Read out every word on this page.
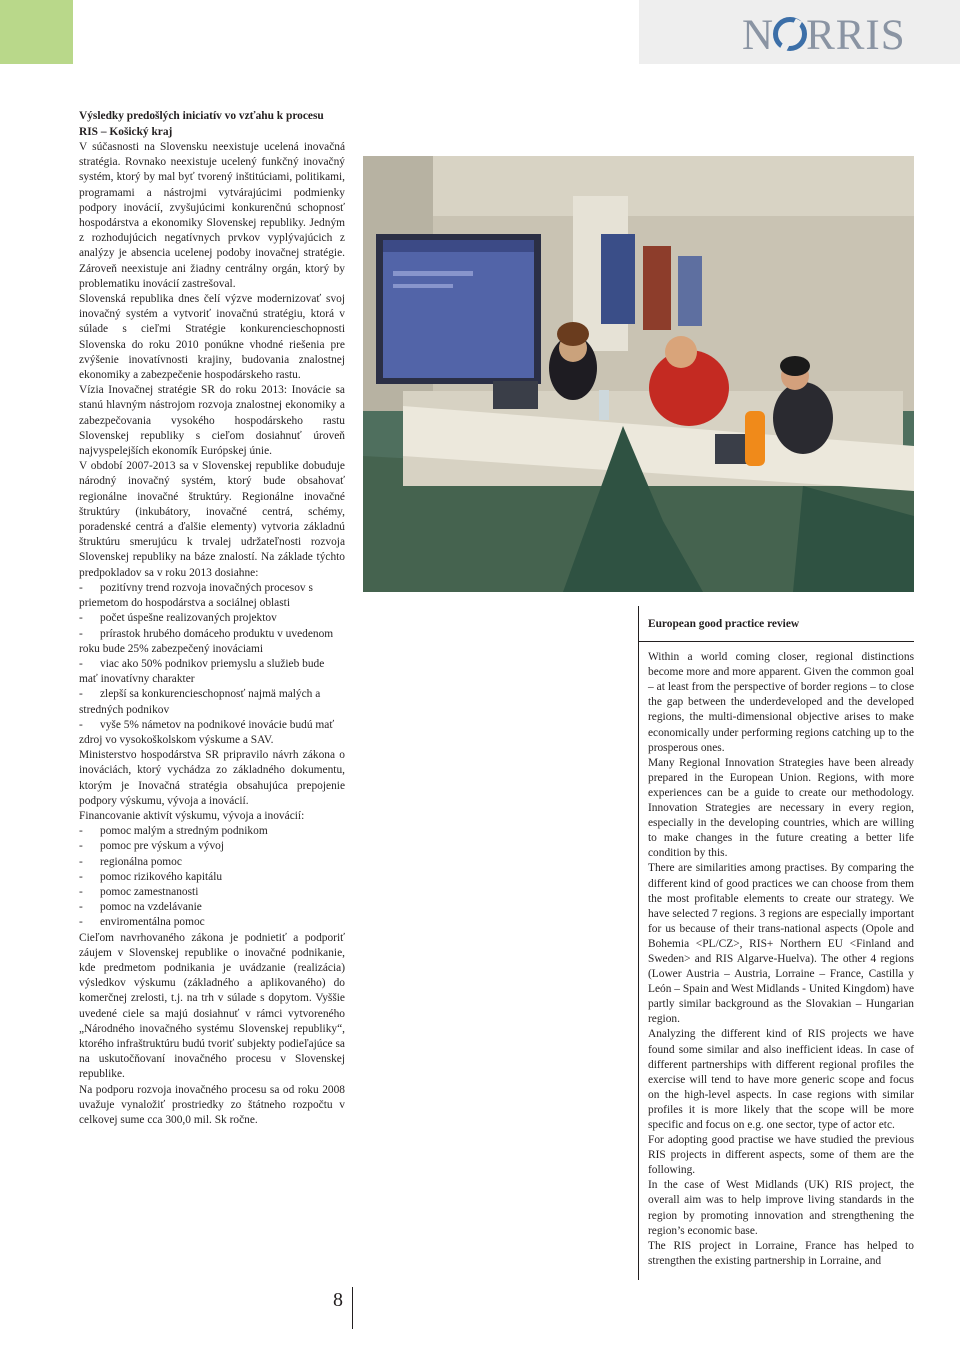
N RRIS

Výsledky predošlých iniciatív vo vzťahu k procesu RIS – Košický kraj

V súčasnosti na Slovensku neexistuje ucelená inovačná stratégia. Rovnako neexistuje ucelený funkčný inovačný systém, ktorý by mal byť tvorený inštitúciami, politikami, programami a nástrojmi vytvárajúcimi podmienky podpory inovácií, zvyšujúcimi konkurenčnú schopnosť hospodárstva a ekonomiky Slovenskej republiky. Jedným z rozhodujúcich negatívnych prvkov vyplývajúcich z analýzy je absencia ucelenej podoby inovačnej stratégie. Zároveň neexistuje ani žiadny centrálny orgán, ktorý by problematiku inovácií zastrešoval.

Slovenská republika dnes čelí výzve modernizovať svoj inovačný systém a vytvoriť inovačnú stratégiu, ktorá v súlade s cieľmi Stratégie konkurencieschopnosti Slovenska do roku 2010 ponúkne vhodné riešenia pre zvýšenie inovatívnosti krajiny, budovania znalostnej ekonomiky a zabezpečenie hospodárskeho rastu.

Vízia Inovačnej stratégie SR do roku 2013: Inovácie sa stanú hlavným nástrojom rozvoja znalostnej ekonomiky a zabezpečovania vysokého hospodárskeho rastu Slovenskej republiky s cieľom dosiahnuť úroveň najvyspelejších ekonomík Európskej únie.

V období 2007-2013 sa v Slovenskej republike dobuduje národný inovačný systém, ktorý bude obsahovať regionálne inovačné štruktúry. Regionálne inovačné štruktúry (inkubátory, inovačné centrá, schémy, poradenské centrá a ďalšie elementy) vytvoria základnú štruktúru smerujúcu k trvalej udržateľnosti rozvoja Slovenskej republiky na báze znalostí. Na základe týchto predpokladov sa v roku 2013 dosiahne:

- pozitívny trend rozvoja inovačných procesov s priemetom do hospodárstva a sociálnej oblasti

- počet úspešne realizovaných projektov

- prírastok hrubého domáceho produktu v uvedenom roku bude 25% zabezpečený inováciami

- viac ako 50% podnikov priemyslu a služieb bude mať inovatívny charakter

- zlepší sa konkurencieschopnosť najmä malých a stredných podnikov

- vyše 5% námetov na podnikové inovácie budú mať zdroj vo vysokoškolskom výskume a SAV.

Ministerstvo hospodárstva SR pripravilo návrh zákona o inováciách, ktorý vychádza zo základného dokumentu, ktorým je Inovačná stratégia obsahujúca prepojenie podpory výskumu, vývoja a inovácií.

Financovanie aktivít výskumu, vývoja a inovácií:

- pomoc malým a stredným podnikom

- pomoc pre výskum a vývoj

- regionálna pomoc

- pomoc rizikového kapitálu

- pomoc zamestnanosti

- pomoc na vzdelávanie

- enviromentálna pomoc

Cieľom navrhovaného zákona je podnietiť a podporiť záujem v Slovenskej republike o inovačné podnikanie, kde predmetom podnikania je uvádzanie (realizácia) výsledkov výskumu (základného a aplikovaného) do komerčnej zrelosti, t.j. na trh v súlade s dopytom. Vyššie uvedené ciele sa majú dosiahnuť v rámci vytvoreného „Národného inovačného systému Slovenskej republiky“, ktorého infraštruktúru budú tvoriť subjekty podieľajúce sa na uskutočňovaní inovačného procesu v Slovenskej republike.

Na podporu rozvoja inovačného procesu sa od roku 2008 uvažuje vynaložiť prostriedky zo štátneho rozpočtu v celkovej sume cca 300,0 mil. Sk ročne.

European good practice review

Within a world coming closer, regional distinctions become more and more apparent. Given the common goal – at least from the perspective of border regions – to close the gap between the underdeveloped and the developed regions, the multi-dimensional objective arises to make economically under performing regions catching up to the prosperous ones.

Many Regional Innovation Strategies have been already prepared in the European Union. Regions, with more experiences can be a guide to create our methodology. Innovation Strategies are necessary in every region, especially in the developing countries, which are willing to make changes in the future creating a better life condition by this.

There are similarities among practises. By comparing the different kind of good practices we can choose from them the most profitable elements to create our strategy. We have selected 7 regions. 3 regions are especially important for us because of their trans-national aspects (Opole and Bohemia <PL/CZ>, RIS+ Northern EU <Finland and Sweden> and RIS Algarve-Huelva). The other 4 regions (Lower Austria – Austria, Lorraine – France, Castilla y León – Spain and West Midlands - United Kingdom) have partly similar background as the Slovakian – Hungarian region.

Analyzing the different kind of RIS projects we have found some similar and also inefficient ideas. In case of different partnerships with different regional profiles the exercise will tend to have more generic scope and focus on the high-level aspects. In case regions with similar profiles it is more likely that the scope will be more specific and focus on e.g. one sector, type of actor etc.

For adopting good practise we have studied the previous RIS projects in different aspects, some of them are the following.

In the case of West Midlands (UK) RIS project, the overall aim was to help improve living standards in the region by promoting innovation and strengthening the region’s economic base.

The RIS project in Lorraine, France has helped to strengthen the existing partnership in Lorraine, and

8
